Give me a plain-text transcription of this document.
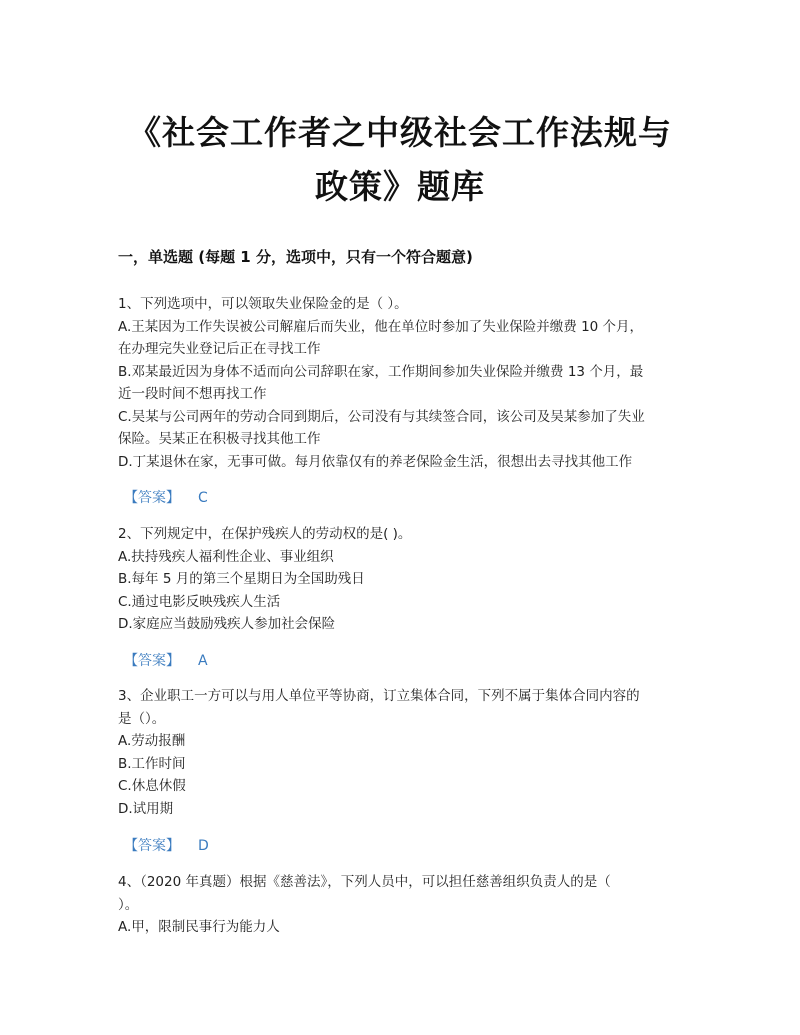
《社会工作者之中级社会工作法规与
政策》题库
一，单选题 (每题 1 分，选项中，只有一个符合题意)
1、下列选项中，可以领取失业保险金的是（ ）。
A.王某因为工作失误被公司解雇后而失业，他在单位时参加了失业保险并缴费 10 个月，
在办理完失业登记后正在寻找工作
B.邓某最近因为身体不适而向公司辞职在家，工作期间参加失业保险并缴费 13 个月，最
近一段时间不想再找工作
C.吴某与公司两年的劳动合同到期后，公司没有与其续签合同，该公司及吴某参加了失业
保险。吴某正在积极寻找其他工作
D.丁某退休在家，无事可做。每月依靠仅有的养老保险金生活，很想出去寻找其他工作
【答案】 C
2、下列规定中，在保护残疾人的劳动权的是( )。
A.扶持残疾人福利性企业、事业组织
B.每年 5 月的第三个星期日为全国助残日
C.通过电影反映残疾人生活
D.家庭应当鼓励残疾人参加社会保险
【答案】 A
3、企业职工一方可以与用人单位平等协商，订立集体合同，下列不属于集体合同内容的
是（）。
A.劳动报酬
B.工作时间
C.休息休假
D.试用期
【答案】 D
4、（2020 年真题）根据《慈善法》，下列人员中，可以担任慈善组织负责人的是（
）。
A.甲，限制民事行为能力人
